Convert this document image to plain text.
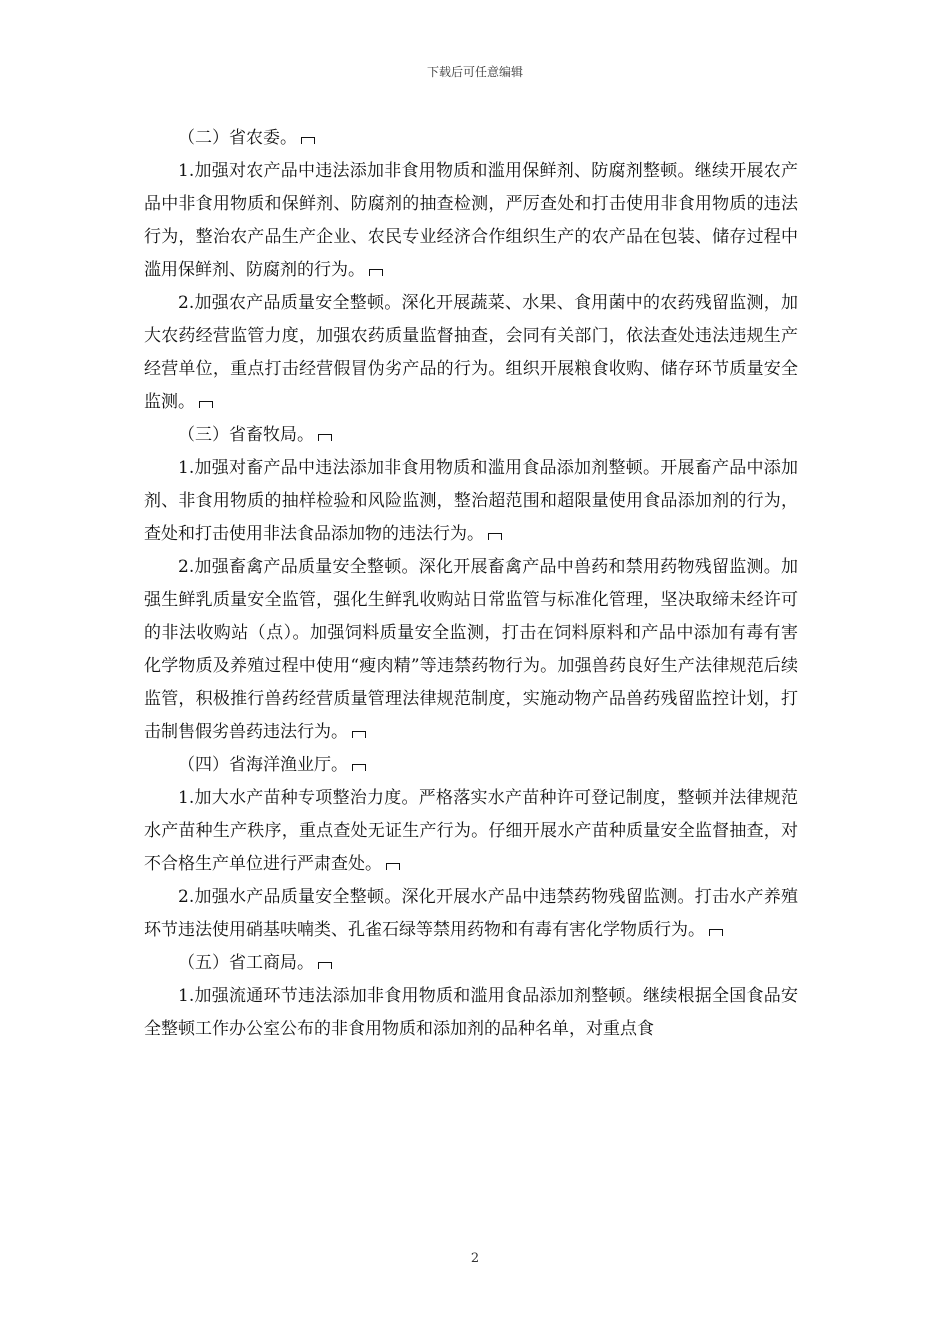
下载后可任意编辑

（二）省农委。

1.加强对农产品中违法添加非食用物质和滥用保鲜剂、防腐剂整顿。继续开展农产品中非食用物质和保鲜剂、防腐剂的抽查检测，严厉查处和打击使用非食用物质的违法行为，整治农产品生产企业、农民专业经济合作组织生产的农产品在包装、储存过程中滥用保鲜剂、防腐剂的行为。

2.加强农产品质量安全整顿。深化开展蔬菜、水果、食用菌中的农药残留监测，加大农药经营监管力度，加强农药质量监督抽查，会同有关部门，依法查处违法违规生产经营单位，重点打击经营假冒伪劣产品的行为。组织开展粮食收购、储存环节质量安全监测。

（三）省畜牧局。

1.加强对畜产品中违法添加非食用物质和滥用食品添加剂整顿。开展畜产品中添加剂、非食用物质的抽样检验和风险监测，整治超范围和超限量使用食品添加剂的行为，查处和打击使用非法食品添加物的违法行为。

2.加强畜禽产品质量安全整顿。深化开展畜禽产品中兽药和禁用药物残留监测。加强生鲜乳质量安全监管，强化生鲜乳收购站日常监管与标准化管理，坚决取缔未经许可的非法收购站（点）。加强饲料质量安全监测，打击在饲料原料和产品中添加有毒有害化学物质及养殖过程中使用“瘦肉精”等违禁药物行为。加强兽药良好生产法律规范后续监管，积极推行兽药经营质量管理法律规范制度，实施动物产品兽药残留监控计划，打击制售假劣兽药违法行为。

（四）省海洋渔业厅。

1.加大水产苗种专项整治力度。严格落实水产苗种许可登记制度，整顿并法律规范水产苗种生产秩序，重点查处无证生产行为。仔细开展水产苗种质量安全监督抽查，对不合格生产单位进行严肃查处。

2.加强水产品质量安全整顿。深化开展水产品中违禁药物残留监测。打击水产养殖环节违法使用硝基呋喃类、孔雀石绿等禁用药物和有毒有害化学物质行为。

（五）省工商局。

1.加强流通环节违法添加非食用物质和滥用食品添加剂整顿。继续根据全国食品安全整顿工作办公室公布的非食用物质和添加剂的品种名单，对重点食

2
